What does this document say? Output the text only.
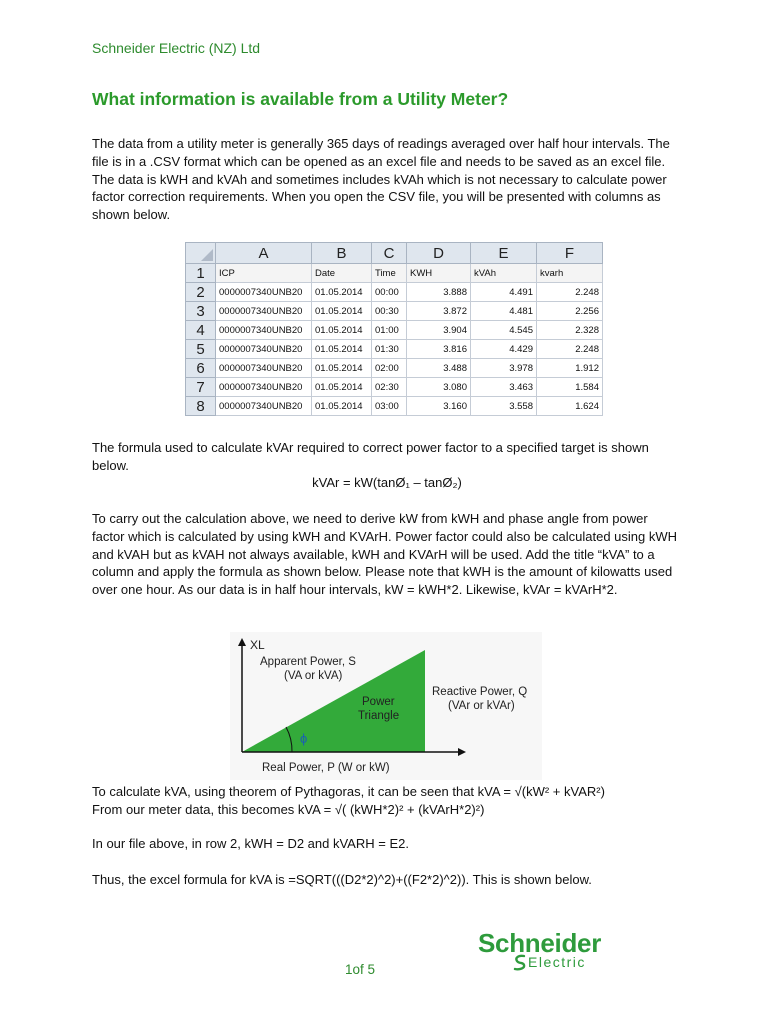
Schneider Electric (NZ) Ltd
What information is available from a Utility Meter?

The data from a utility meter is generally 365 days of readings averaged over half hour intervals. The file is in a .CSV format which can be opened as an excel file and needs to be saved as an excel file. The data is kWH and kVAh and sometimes includes kVAh which is not necessary to calculate power factor correction requirements. When you open the CSV file, you will be presented with columns as shown below.

	A	B	C	D	E	F
1	ICP	Date	Time	KWH	kVAh	kvarh
2	0000007340UNB20	01.05.2014	00:00	3.888	4.491	2.248
3	0000007340UNB20	01.05.2014	00:30	3.872	4.481	2.256
4	0000007340UNB20	01.05.2014	01:00	3.904	4.545	2.328
5	0000007340UNB20	01.05.2014	01:30	3.816	4.429	2.248
6	0000007340UNB20	01.05.2014	02:00	3.488	3.978	1.912
7	0000007340UNB20	01.05.2014	02:30	3.080	3.463	1.584
8	0000007340UNB20	01.05.2014	03:00	3.160	3.558	1.624

The formula used to calculate kVAr required to correct power factor to a specified target is shown below.

kVAr = kW(tanØ₁ – tanØ₂)

To carry out the calculation above, we need to derive kW from kWH and phase angle from power factor which is calculated by using kWH and KVArH. Power factor could also be calculated using kWH and kVAH but as kVAH not always available, kWH and KVArH will be used. Add the title “kVA” to a column and apply the formula as shown below. Please note that kWH is the amount of kilowatts used over one hour. As our data is in half hour intervals, kW = kWH*2. Likewise, kVAr = kVArH*2.

XL
Apparent Power, S
(VA or kVA)
Power
Triangle
Reactive Power, Q
(VAr or kVAr)
ϕ
Real Power, P (W or kW)

To calculate kVA, using theorem of Pythagoras, it can be seen that kVA = √(kW² + kVAR²)
From our meter data, this becomes kVA = √( (kWH*2)² + (kVArH*2)²)

In our file above, in row 2, kWH = D2 and kVARH = E2.

Thus, the excel formula for kVA is =SQRT(((D2*2)^2)+((F2*2)^2)). This is shown below.

1of 5
Schneider
Electric
